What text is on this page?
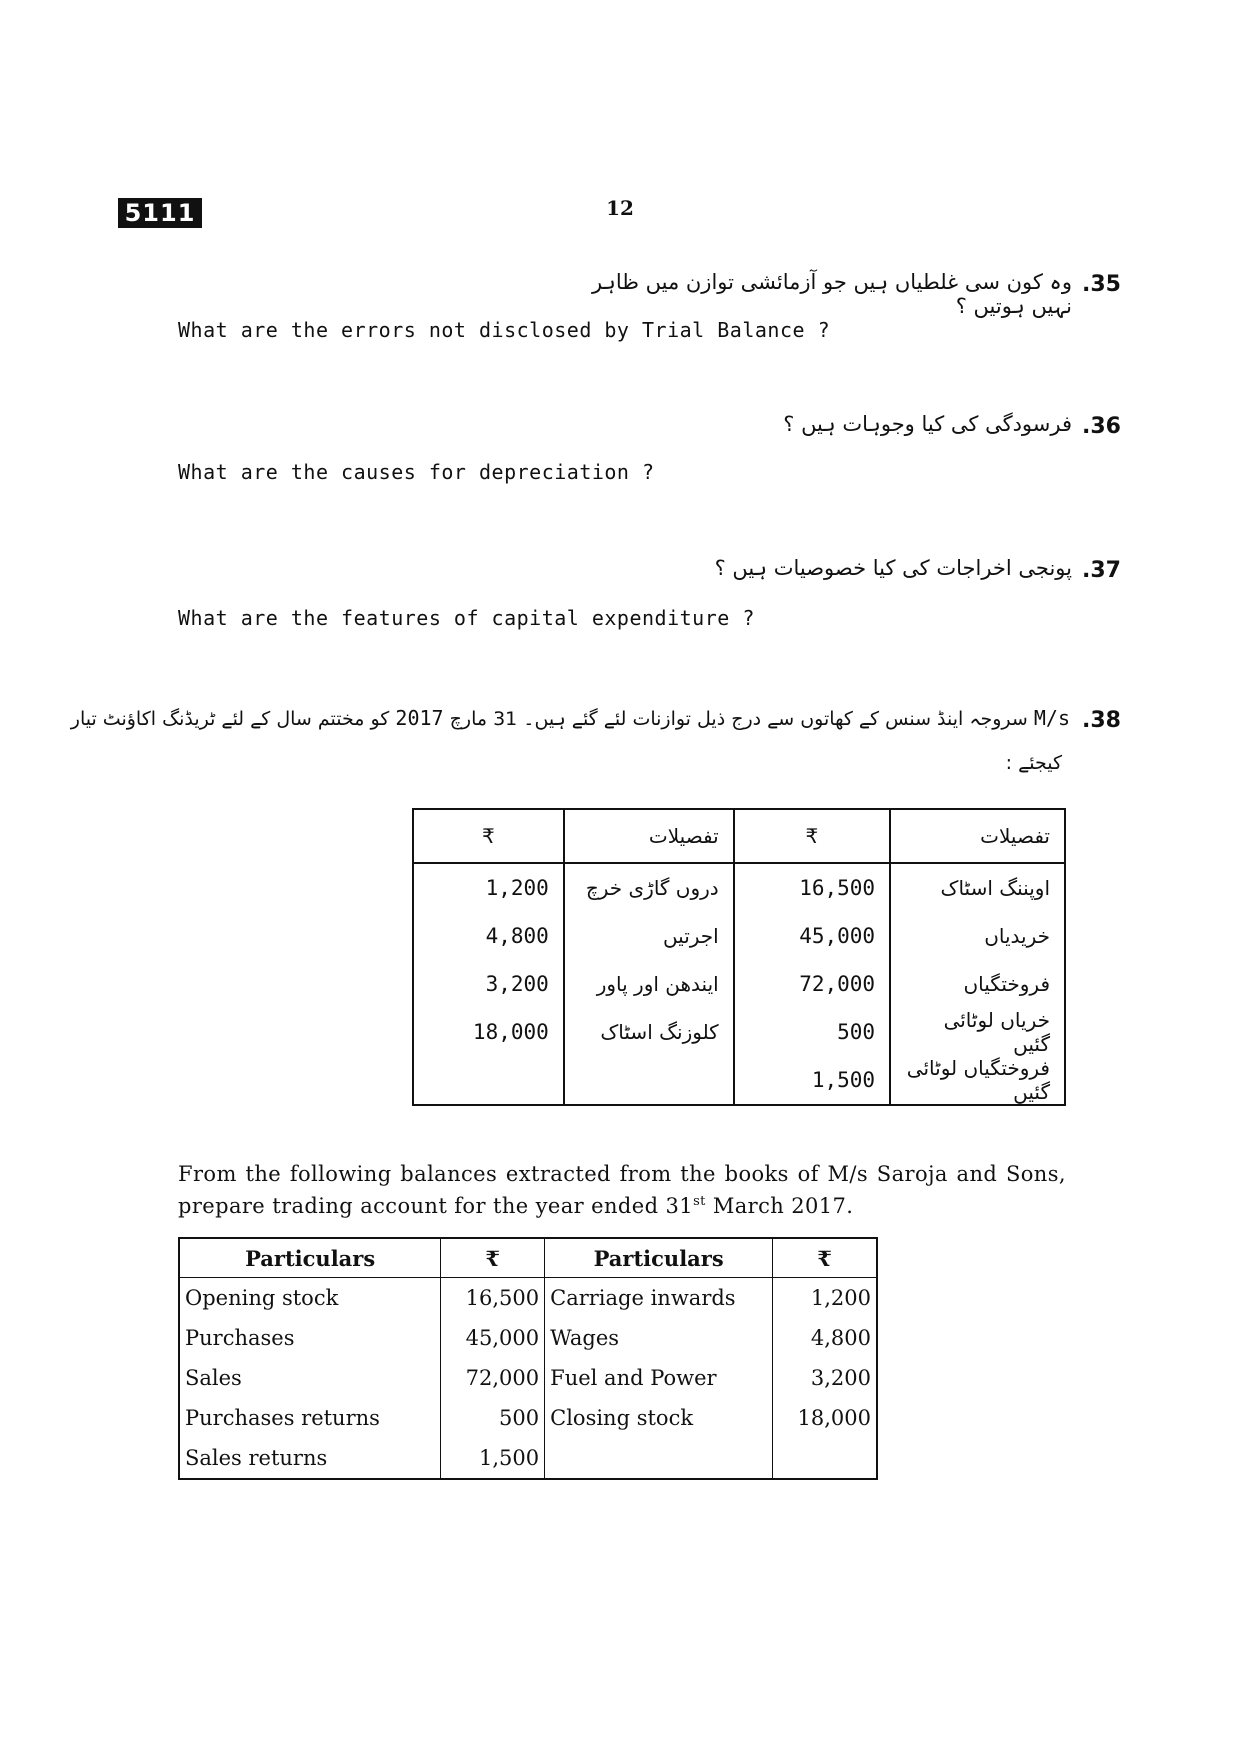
5111	12
.35
وہ کون سی غلطیاں ہیں جو آزمائشی توازن میں ظاہر نہیں ہوتیں ؟
What are the errors not disclosed by Trial Balance ?
.36
فرسودگی کی کیا وجوہات ہیں ؟
What are the causes for depreciation ?
.37
پونجی اخراجات کی کیا خصوصیات ہیں ؟
What are the features of capital expenditure ?
.38
M/s سروجہ اینڈ سنس کے کھاتوں سے درج ذیل توازنات لئے گئے ہیں۔ 31 مارچ 2017 کو مختتم سال کے لئے ٹریڈنگ اکاؤنٹ تیار
کیجئے :
تفصیلات	₹	تفصیلات	₹
اوپننگ اسٹاک	16,500	دروں گاڑی خرچ	1,200
خریدیاں	45,000	اجرتیں	4,800
فروختگیاں	72,000	ایندھن اور پاور	3,200
خریاں لوٹائی گئیں	500	کلوزنگ اسٹاک	18,000
فروختگیاں لوٹائی گئیں	1,500		
From the following balances extracted from the books of M/s Saroja and Sons, prepare trading account for the year ended 31st March 2017.
Particulars	₹	Particulars	₹
Opening stock	16,500	Carriage inwards	1,200
Purchases	45,000	Wages	4,800
Sales	72,000	Fuel and Power	3,200
Purchases returns	500	Closing stock	18,000
Sales returns	1,500		
